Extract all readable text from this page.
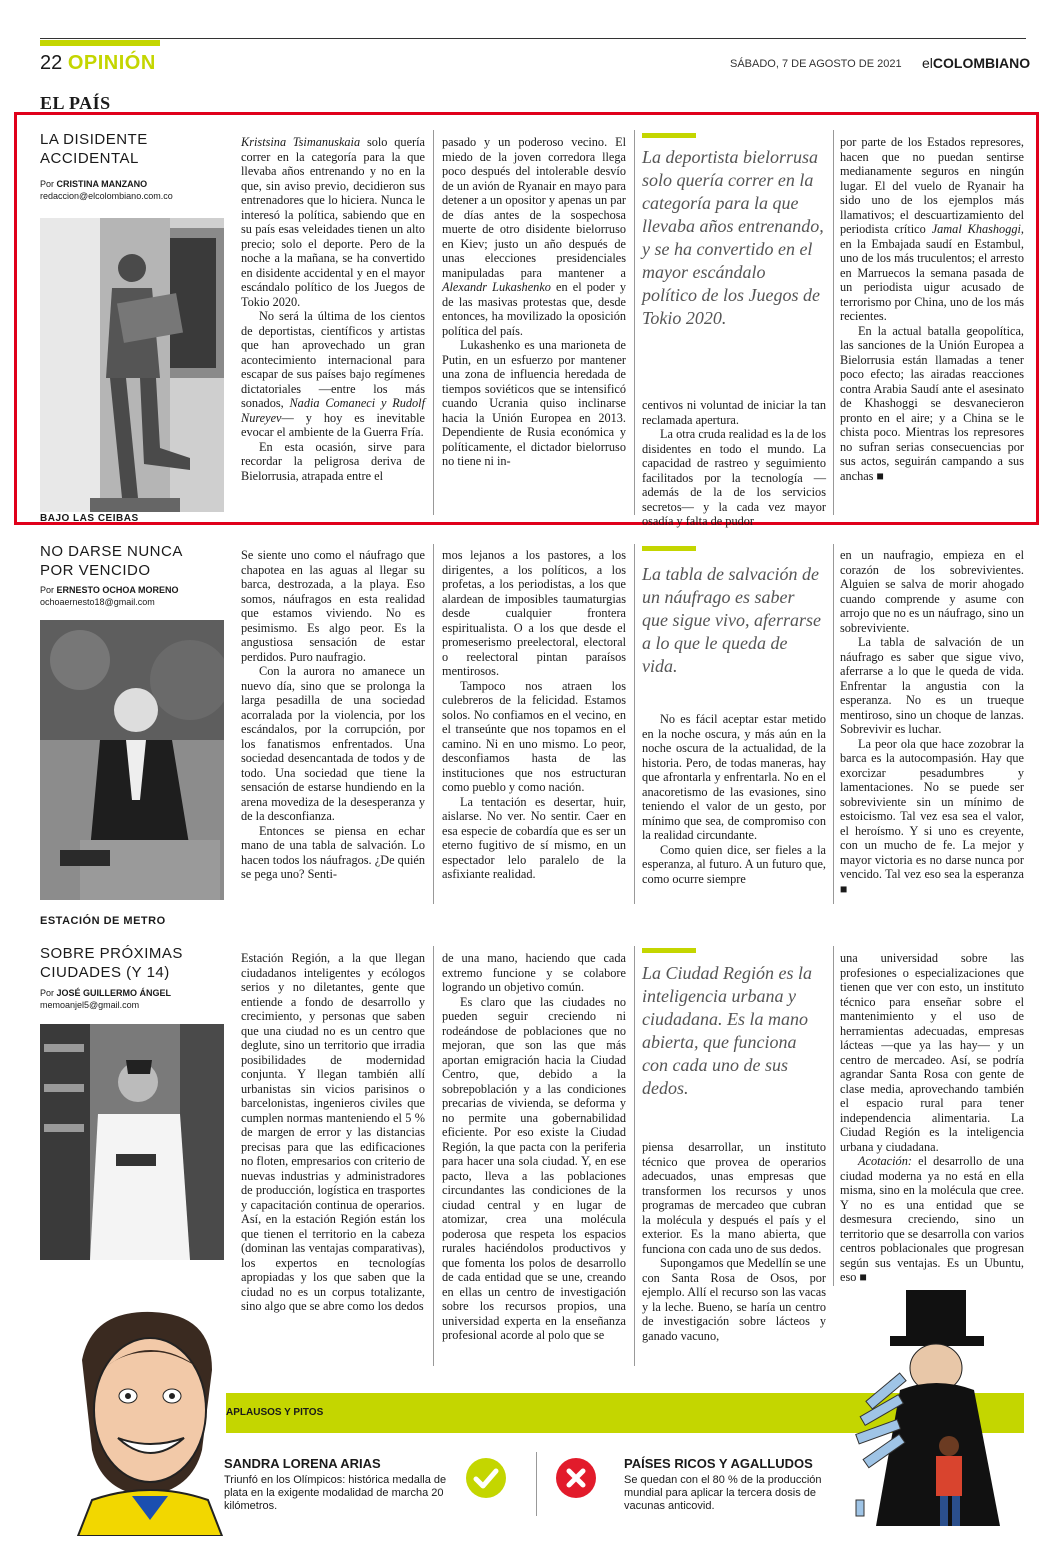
22 OPINIÓN	SÁBADO, 7 DE AGOSTO DE 2021 elCOLOMBIANO
EL PAÍS
LA DISIDENTE
ACCIDENTAL
Por CRISTINA MANZANO
redaccion@elcolombiano.com.co
BAJO LAS CEIBAS

Kristsina Tsimanuskaia solo quería correr en la categoría para la que llevaba años entrenando y no en la que, sin aviso previo, decidieron sus entrenadores que lo hiciera. Nunca le interesó la política, sabiendo que en su país esas veleidades tienen un alto precio; solo el deporte. Pero de la noche a la mañana, se ha convertido en disidente accidental y en el mayor escándalo político de los Juegos de Tokio 2020.

No será la última de los cientos de deportistas, científicos y artistas que han aprovechado un gran acontecimiento internacional para escapar de sus países bajo regímenes dictatoriales —entre los más sonados, Nadia Comaneci y Rudolf Nureyev— y hoy es inevitable evocar el ambiente de la Guerra Fría.

En esta ocasión, sirve para recordar la peligrosa deriva de Bielorrusia, atrapada entre el

pasado y un poderoso vecino. El miedo de la joven corredora llega poco después del intolerable desvío de un avión de Ryanair en mayo para detener a un opositor y apenas un par de días antes de la sospechosa muerte de otro disidente bielorruso en Kiev; justo un año después de unas elecciones presidenciales manipuladas para mantener a Alexandr Lukashenko en el poder y de las masivas protestas que, desde entonces, ha movilizado la oposición política del país.

Lukashenko es una marioneta de Putin, en un esfuerzo por mantener una zona de influencia heredada de tiempos soviéticos que se intensificó cuando Ucrania quiso inclinarse hacia la Unión Europea en 2013. Dependiente de Rusia económica y políticamente, el dictador bielorruso no tiene ni in-

La deportista bielorrusa solo quería correr en la categoría para la que llevaba años entrenando, y se ha convertido en el mayor escándalo político de los Juegos de Tokio 2020.

centivos ni voluntad de iniciar la tan reclamada apertura.

La otra cruda realidad es la de los disidentes en todo el mundo. La capacidad de rastreo y seguimiento facilitados por la tecnología —además de la de los servicios secretos— y la cada vez mayor osadía y falta de pudor

por parte de los Estados represores, hacen que no puedan sentirse medianamente seguros en ningún lugar. El del vuelo de Ryanair ha sido uno de los ejemplos más llamativos; el descuartizamiento del periodista crítico Jamal Khashoggi, en la Embajada saudí en Estambul, uno de los más truculentos; el arresto en Marruecos la semana pasada de un periodista uigur acusado de terrorismo por China, uno de los más recientes.

En la actual batalla geopolítica, las sanciones de la Unión Europea a Bielorrusia están llamadas a tener poco efecto; las airadas reacciones contra Arabia Saudí ante el asesinato de Khashoggi se desvanecieron pronto en el aire; y a China se le chista poco. Mientras los represores no sufran serias consecuencias por sus actos, seguirán campando a sus anchas ■

NO DARSE NUNCA
POR VENCIDO
Por ERNESTO OCHOA MORENO
ochoaernesto18@gmail.com
ESTACIÓN DE METRO

Se siente uno como el náufrago que chapotea en las aguas al llegar su barca, destrozada, a la playa. Eso somos, náufragos en esta realidad que estamos viviendo. No es pesimismo. Es algo peor. Es la angustiosa sensación de estar perdidos. Puro naufragio.

Con la aurora no amanece un nuevo día, sino que se prolonga la larga pesadilla de una sociedad acorralada por la violencia, por los escándalos, por la corrupción, por los fanatismos enfrentados. Una sociedad desencantada de todos y de todo. Una sociedad que tiene la sensación de estarse hundiendo en la arena movediza de la desesperanza y de la desconfianza.

Entonces se piensa en echar mano de una tabla de salvación. Lo hacen todos los náufragos. ¿De quién se pega uno? Senti-

mos lejanos a los pastores, a los dirigentes, a los políticos, a los profetas, a los periodistas, a los que alardean de imposibles taumaturgias desde cualquier frontera espiritualista. O a los que desde el promeserismo preelectoral, electoral o reelectoral pintan paraísos mentirosos.

Tampoco nos atraen los culebreros de la felicidad. Estamos solos. No confiamos en el vecino, en el transeúnte que nos topamos en el camino. Ni en uno mismo. Lo peor, desconfiamos hasta de las instituciones que nos estructuran como pueblo y como nación.

La tentación es desertar, huir, aislarse. No ver. No sentir. Caer en esa especie de cobardía que es ser un eterno fugitivo de sí mismo, en un espectador lelo paralelo de la asfixiante realidad.

La tabla de salvación de un náufrago es saber que sigue vivo, aferrarse a lo que le queda de vida.

No es fácil aceptar estar metido en la noche oscura, y más aún en la noche oscura de la actualidad, de la historia. Pero, de todas maneras, hay que afrontarla y enfrentarla. No en el anacoretismo de las evasiones, sino teniendo el valor de un gesto, por mínimo que sea, de compromiso con la realidad circundante.

Como quien dice, ser fieles a la esperanza, al futuro. A un futuro que, como ocurre siempre

en un naufragio, empieza en el corazón de los sobrevivientes. Alguien se salva de morir ahogado cuando comprende y asume con arrojo que no es un náufrago, sino un sobreviviente.

La tabla de salvación de un náufrago es saber que sigue vivo, aferrarse a lo que le queda de vida. Enfrentar la angustia con la esperanza. No es un trueque mentiroso, sino un choque de lanzas. Sobrevivir es luchar.

La peor ola que hace zozobrar la barca es la autocompasión. Hay que exorcizar pesadumbres y lamentaciones. No se puede ser sobreviviente sin un mínimo de estoicismo. Tal vez esa sea el valor, el heroísmo. Y si uno es creyente, con un mucho de fe. La mejor y mayor victoria es no darse nunca por vencido. Tal vez eso sea la esperanza ■

SOBRE PRÓXIMAS
CIUDADES (Y 14)
Por JOSÉ GUILLERMO ÁNGEL
memoanjel5@gmail.com

Estación Región, a la que llegan ciudadanos inteligentes y ecólogos serios y no diletantes, gente que entiende a fondo de desarrollo y crecimiento, y personas que saben que una ciudad no es un centro que deglute, sino un territorio que irradia posibilidades de modernidad conjunta. Y llegan también allí urbanistas sin vicios parisinos o barcelonistas, ingenieros civiles que cumplen normas manteniendo el 5 % de margen de error y las distancias precisas para que las edificaciones no floten, empresarios con criterio de nuevas industrias y administradores de producción, logística en trasportes y capacitación continua de operarios. Así, en la estación Región están los que tienen el territorio en la cabeza (dominan las ventajas comparativas), los expertos en tecnologías apropiadas y los que saben que la ciudad no es un corpus totalizante, sino algo que se abre como los dedos

de una mano, haciendo que cada extremo funcione y se colabore logrando un objetivo común.

Es claro que las ciudades no pueden seguir creciendo ni rodeándose de poblaciones que no mejoran, que son las que más aportan emigración hacia la Ciudad Centro, que, debido a la sobrepoblación y a las condiciones precarias de vivienda, se deforma y no permite una gobernabilidad eficiente. Por eso existe la Ciudad Región, la que pacta con la periferia para hacer una sola ciudad. Y, en ese pacto, lleva a las poblaciones circundantes las condiciones de la ciudad central y en lugar de atomizar, crea una molécula poderosa que respeta los espacios rurales haciéndolos productivos y que fomenta los polos de desarrollo de cada entidad que se une, creando en ellas un centro de investigación sobre los recursos propios, una universidad experta en la enseñanza profesional acorde al polo que se

La Ciudad Región es la inteligencia urbana y ciudadana. Es la mano abierta, que funciona con cada uno de sus dedos.

piensa desarrollar, un instituto técnico que provea de operarios adecuados, unas empresas que transformen los recursos y unos programas de mercadeo que cubran la molécula y después el país y el exterior. Es la mano abierta, que funciona con cada uno de sus dedos.

Supongamos que Medellín se une con Santa Rosa de Osos, por ejemplo. Allí el recurso son las vacas y la leche. Bueno, se haría un centro de investigación sobre lácteos y ganado vacuno,

una universidad sobre las profesiones o especializaciones que tienen que ver con esto, un instituto técnico para enseñar sobre el mantenimiento y el uso de herramientas adecuadas, empresas lácteas —que ya las hay— y un centro de mercadeo. Así, se podría agrandar Santa Rosa con gente de clase media, aprovechando también el espacio rural para tener independencia alimentaria. La Ciudad Región es la inteligencia urbana y ciudadana.

Acotación: el desarrollo de una ciudad moderna ya no está en ella misma, sino en la molécula que cree. Y no es una entidad que se desmesura creciendo, sino un territorio que se desarrolla con varios centros poblacionales que progresan según sus ventajas. Es un Ubuntu, eso ■

APLAUSOS Y PITOS
SANDRA LORENA ARIAS
Triunfó en los Olímpicos: histórica medalla de plata en la exigente modalidad de marcha 20 kilómetros.
PAÍSES RICOS Y AGALLUDOS
Se quedan con el 80 % de la producción mundial para aplicar la tercera dosis de vacunas anticovid.
